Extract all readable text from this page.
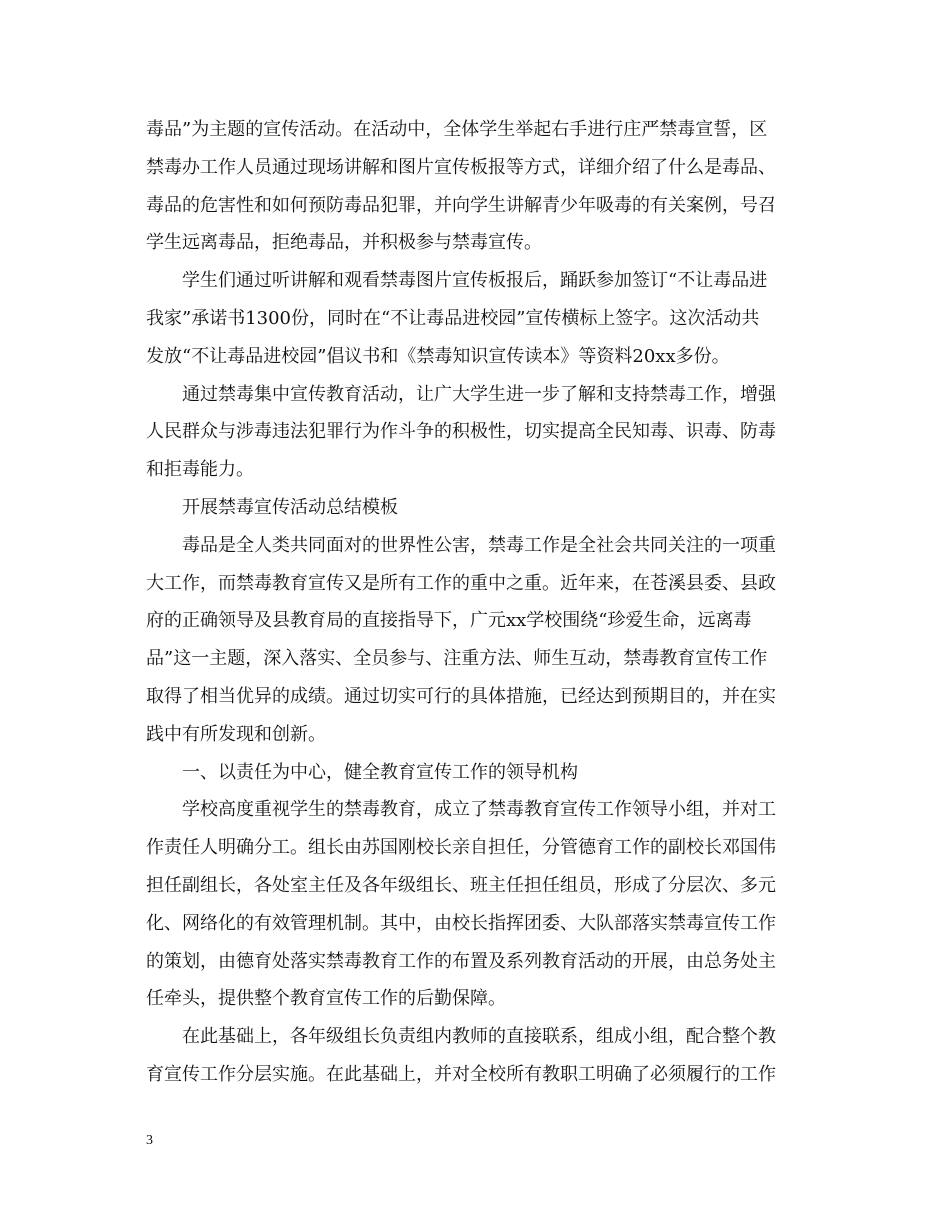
毒品”为主题的宣传活动。在活动中，全体学生举起右手进行庄严禁毒宣誓，区
禁毒办工作人员通过现场讲解和图片宣传板报等方式，详细介绍了什么是毒品、
毒品的危害性和如何预防毒品犯罪，并向学生讲解青少年吸毒的有关案例，号召
学生远离毒品，拒绝毒品，并积极参与禁毒宣传。
学生们通过听讲解和观看禁毒图片宣传板报后，踊跃参加签订“不让毒品进
我家”承诺书1300份，同时在“不让毒品进校园”宣传横标上签字。这次活动共
发放“不让毒品进校园”倡议书和《禁毒知识宣传读本》等资料20xx多份。
通过禁毒集中宣传教育活动，让广大学生进一步了解和支持禁毒工作，增强
人民群众与涉毒违法犯罪行为作斗争的积极性，切实提高全民知毒、识毒、防毒
和拒毒能力。
开展禁毒宣传活动总结模板
毒品是全人类共同面对的世界性公害，禁毒工作是全社会共同关注的一项重
大工作，而禁毒教育宣传又是所有工作的重中之重。近年来，在苍溪县委、县政
府的正确领导及县教育局的直接指导下，广元xx学校围绕“珍爱生命，远离毒
品”这一主题，深入落实、全员参与、注重方法、师生互动，禁毒教育宣传工作
取得了相当优异的成绩。通过切实可行的具体措施，已经达到预期目的，并在实
践中有所发现和创新。
一、以责任为中心，健全教育宣传工作的领导机构
学校高度重视学生的禁毒教育，成立了禁毒教育宣传工作领导小组，并对工
作责任人明确分工。组长由苏国刚校长亲自担任，分管德育工作的副校长邓国伟
担任副组长，各处室主任及各年级组长、班主任担任组员，形成了分层次、多元
化、网络化的有效管理机制。其中，由校长指挥团委、大队部落实禁毒宣传工作
的策划，由德育处落实禁毒教育工作的布置及系列教育活动的开展，由总务处主
任牵头，提供整个教育宣传工作的后勤保障。
在此基础上，各年级组长负责组内教师的直接联系，组成小组，配合整个教
育宣传工作分层实施。在此基础上，并对全校所有教职工明确了必须履行的工作
3
